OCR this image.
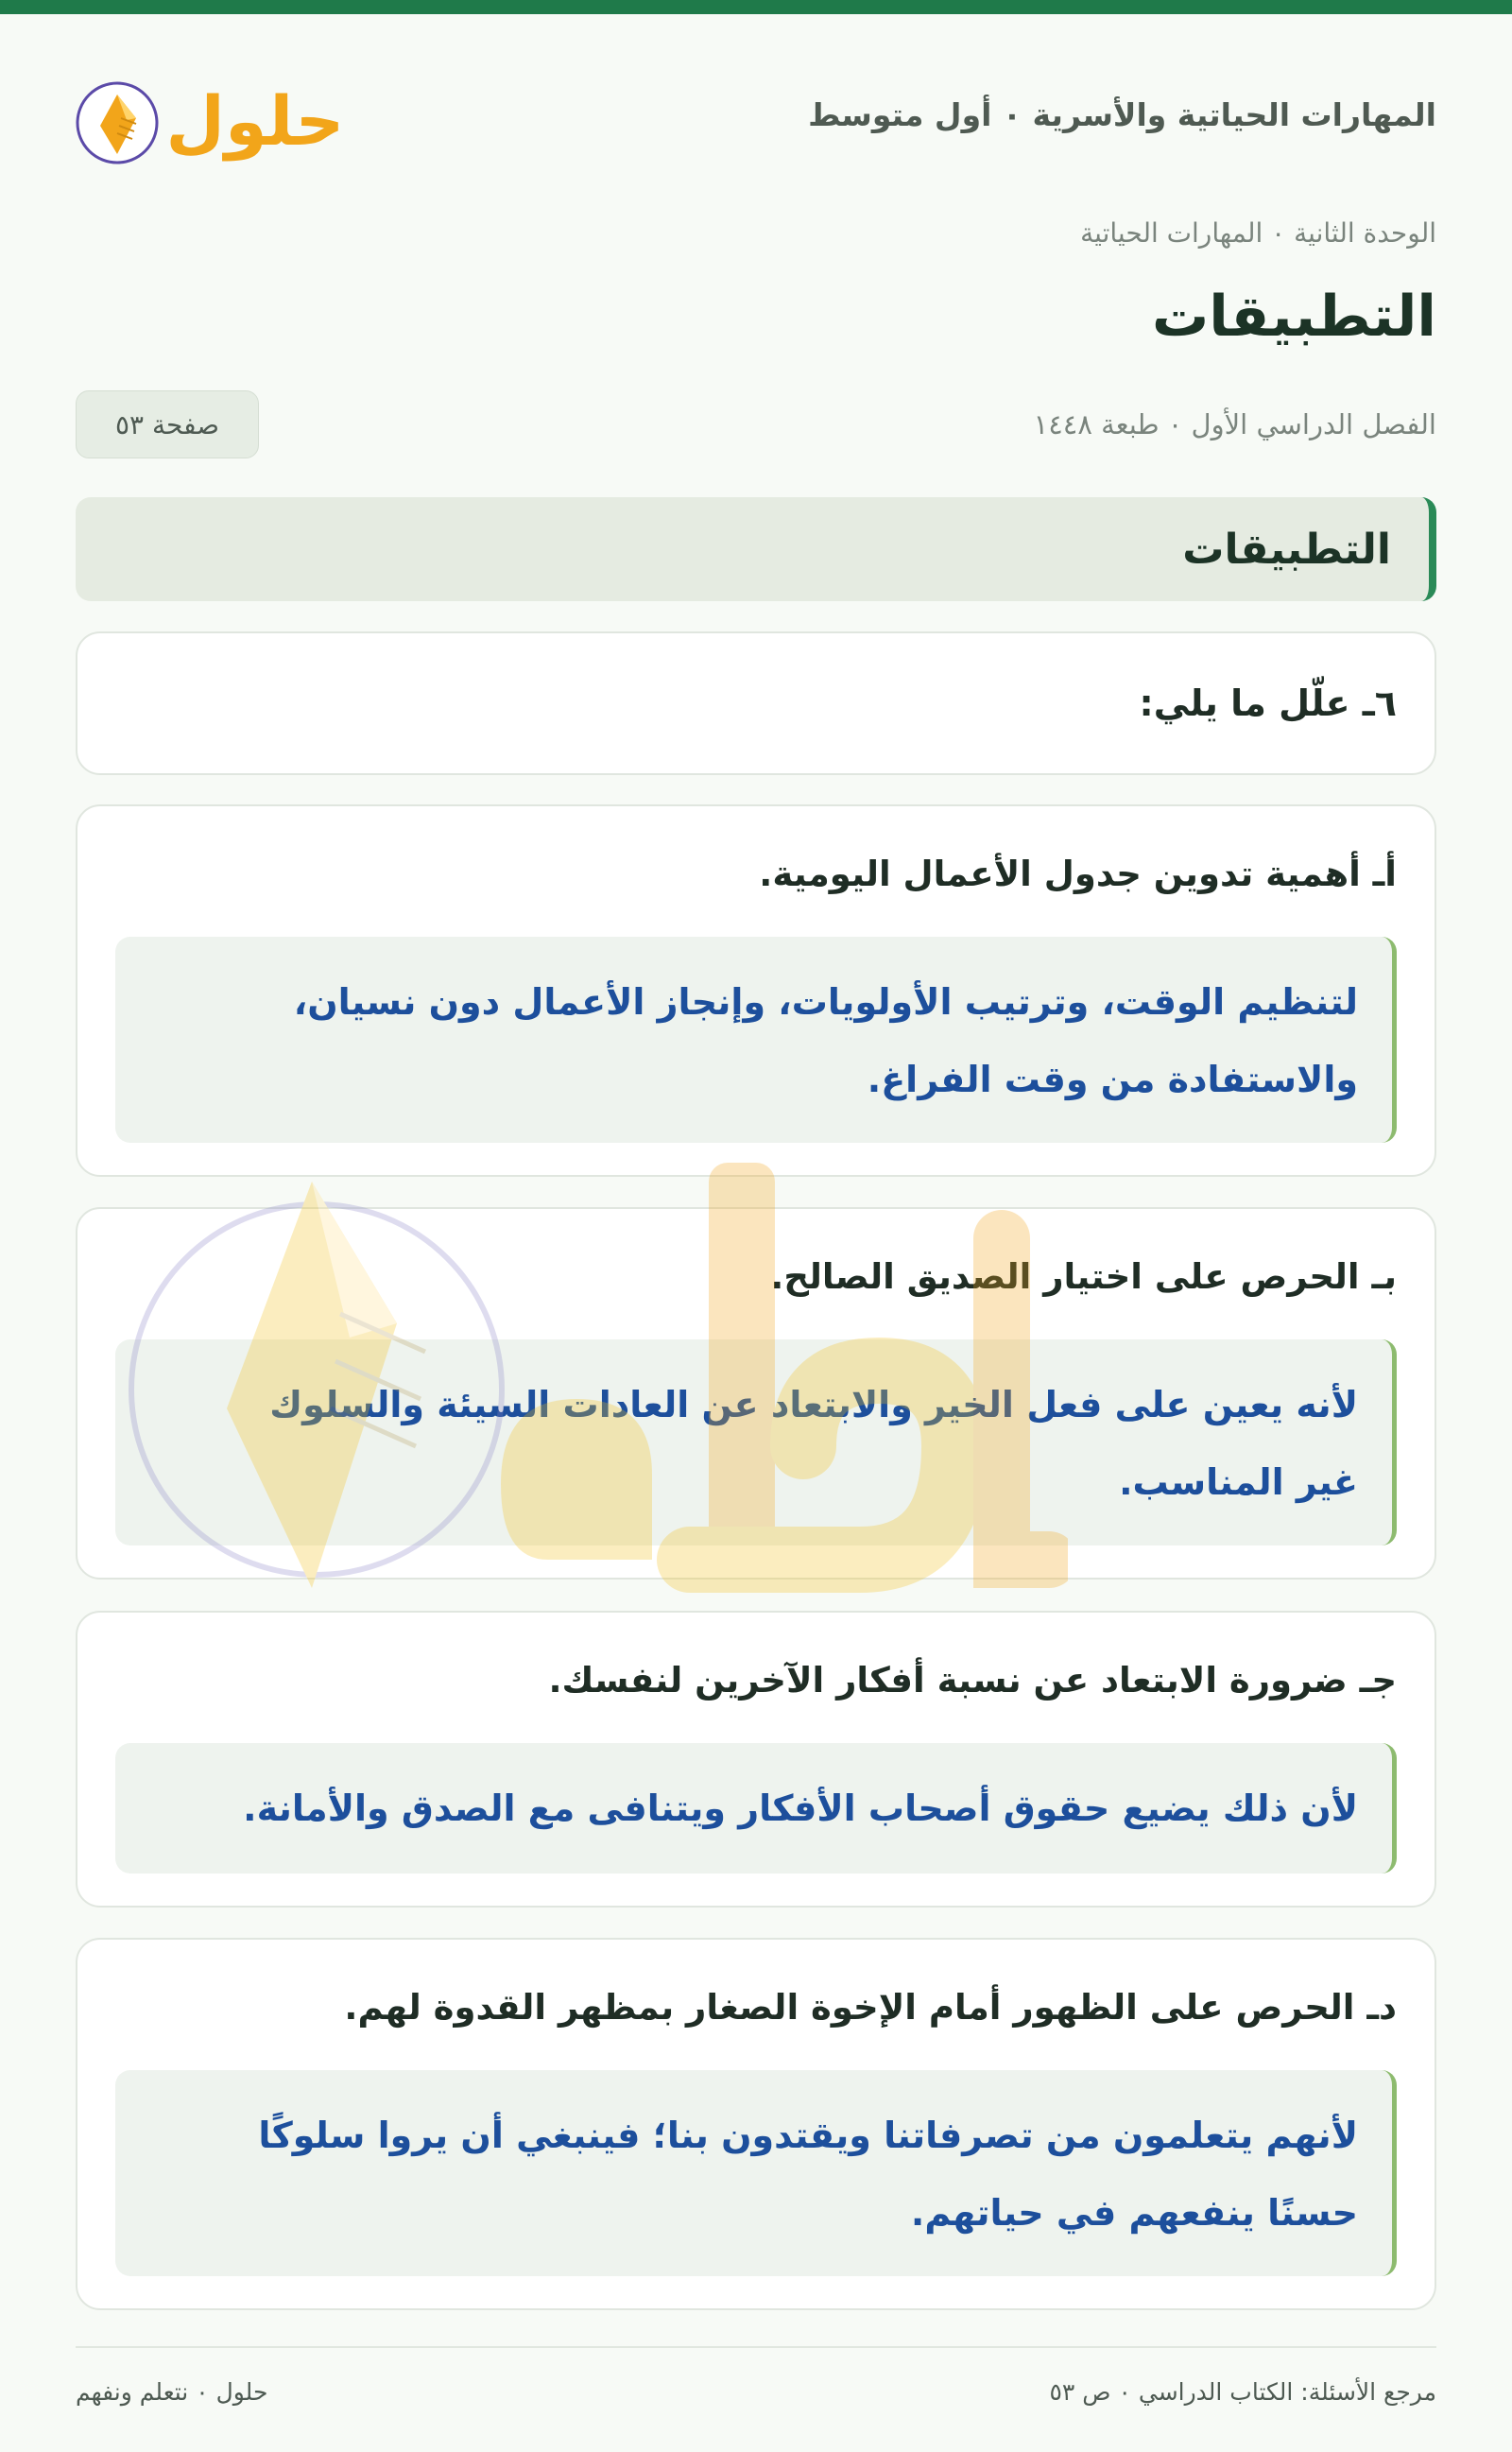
المهارات الحياتية والأسرية ٠ أول متوسط
حلول
الوحدة الثانية ٠ المهارات الحياتية
التطبيقات
الفصل الدراسي الأول ٠ طبعة ١٤٤٨
صفحة ٥٣
التطبيقات
٦ـ علّل ما يلي:
أـ أهمية تدوين جدول الأعمال اليومية.
لتنظيم الوقت، وترتيب الأولويات، وإنجاز الأعمال دون نسيان،
والاستفادة من وقت الفراغ.
بـ الحرص على اختيار الصديق الصالح.
لأنه يعين على فعل الخير والابتعاد عن العادات السيئة والسلوك
غير المناسب.
جـ ضرورة الابتعاد عن نسبة أفكار الآخرين لنفسك.
لأن ذلك يضيع حقوق أصحاب الأفكار ويتنافى مع الصدق والأمانة.
دـ الحرص على الظهور أمام الإخوة الصغار بمظهر القدوة لهم.
لأنهم يتعلمون من تصرفاتنا ويقتدون بنا؛ فينبغي أن يروا سلوكًا
حسنًا ينفعهم في حياتهم.
مرجع الأسئلة: الكتاب الدراسي ٠ ص ٥٣
حلول ٠ نتعلم ونفهم
